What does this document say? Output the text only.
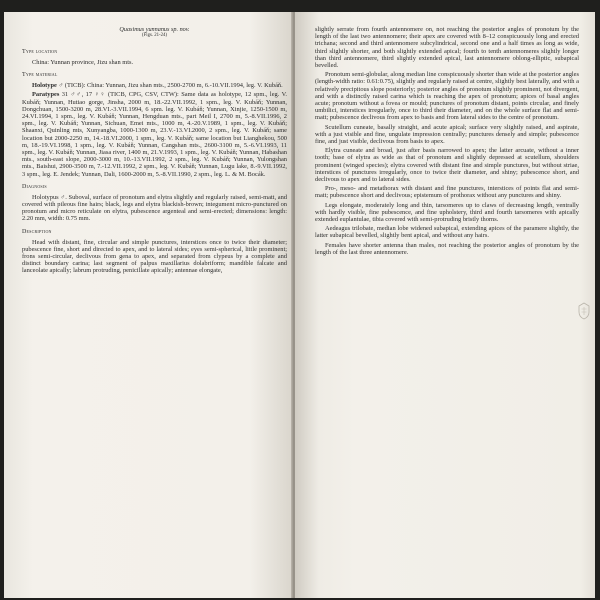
Quasimus yunnanus sp. nov.

(Figs. 21-24)

Type location

China: Yunnan province, Jizu shan mts.

Type material

Holotype ♂ (TICB): China: Yunnan, Jizu shan mts., 2500-2700 m, 6.-10.VII.1994, leg. V. Kubáň.

Paratypes 31 ♂♂, 17 ♀♀ (TICB, CPG, CSV, CTW): Same data as holotype, 12 spm., leg. V. Kubáň; Yunnan, Hutiao gorge, Jinsha, 2000 m, 18.-22.VII.1992, 1 spm., leg. V. Kubáň; Yunnan, Dongchuan, 1500-3200 m, 28.VI.-3.VII.1994, 6 spm. leg. V. Kubáň; Yunnan, Xinjie, 1250-1500 m, 24.VI.1994, 1 spm., leg. V. Kubáň; Yunnan, Hengduan mts., part Meil I, 2700 m, 5.-8.VII.1996, 2 spm., leg. V. Kubáň; Yunnan, Sichuan, Emei mts., 1000 m, 4.-20.V.1989, 1 spm., leg. V. Kubáň; Shaanxi, Quinling mts, Xunyangba, 1000-1300 m, 23.V.-13.VI.2000, 2 spm., leg. V. Kubáň; same location but 2000-2250 m, 14.-18.VI.2000, 1 spm., leg. V. Kubáň; same location but Lianghekou, 500 m, 18.-19.VI.1998, 1 spm., leg. V. Kubáň; Yunnan, Cangshan mts., 2600-3100 m, 5.-6.VI.1993, 11 spm., leg. V. Kubáň; Yunnan, Jiasa river, 1400 m, 21.V.1993, 1 spm., leg. V. Kubáň; Yunnan, Habashan mts., south-east slope, 2000-3000 m, 10.-13.VII.1992, 2 spm., leg. V. Kubáň; Yunnan, Yulongshan mts., Baishui, 2900-3500 m, 7.-12.VII.1992, 2 spm., leg. V. Kubáň; Yunnan, Lugu lake, 8.-9.VII.1992, 3 spm., leg. E. Jendek; Yunnan, Dali, 1600-2000 m, 5.-8.VII.1990, 2 spm., leg. L. & M. Bocák.

Diagnosis

Holotypus ♂. Suboval, surface of pronotum and elytra slightly and regularly raised, semi-matt, and covered with pileous fine hairs; black, legs and elytra blackish-brown; integument micro-punctured on pronotum and micro reticulate on elytra, pubescence argenteal and semi-erected; dimensions: length: 2.20 mm, width: 0.75 mm.

Description

Head with distant, fine, circular and simple punctures, interstices once to twice their diameter; pubescence fine, short and directed to apex, and to lateral sides; eyes semi-spherical, little prominent; frons semi-circular, declivous from gena to apex, and separated from clypeus by a complete and distinct boundary carina; last segment of palpus maxillarius dolabriform; mandible falcate and lanceolate apically; labrum protruding, penicillate apically; antennae elongate,

slightly serrate from fourth antennomere on, not reaching the posterior angles of pronotum by the length of the last two antennomere; their apex are covered with 8–12 conspicuously long and erected trichana; second and third antennomere subcylindrical, second one and a half times as long as wide, third slightly shorter, and both slightly extended apical; fourth to tenth antennomeres slightly longer than third antennomere, third slightly extended apical, last antennomere oblong-elliptic, subapical bevelled.

Pronotum semi-globular, along median line conspicuously shorter than wide at the posterior angles (length-width ratio: 0.61:0.75), slightly and regularly raised at centre, slightly best laterally, and with a relatively precipitous slope posteriorly; posterior angles of pronotum slightly prominent, not divergent, and with a distinctly raised carina which is reaching the apex of pronotum; apices of basal angles acute; pronotum without a fovea or mould; punctures of pronotum distant, points circular, and finely umbilici, interstices irregularly, once to third their diameter, and on the whole surface flat and semi-matt; pubescence declivous from apex to basis and from lateral sides to the centre of pronotum.

Scutellum cuneate, basally straight, and acute apical; surface very slightly raised, and aspirate, with a just visible and fine, ungulate impression centrally; punctures densely and simple; pubescence fine, and just visible, declivous from basis to apex.

Elytra cuneate and broad, just after basis narrowed to apex; the latter arcuate, without a inner tooth; base of elytra as wide as that of pronotum and slightly depressed at scutellum, shoulders prominent (winged species); elytra covered with distant fine and simple punctures, but without striae, interstices of punctures irregularly, once to twice their diameter, and shiny; pubescence short, and declivous to apex and to lateral sides.

Pro-, meso- and metathorax with distant and fine punctures, interstices of points flat and semi-matt; pubescence short and declivous; epistemum of prothorax without any punctures and shiny.

Legs elongate, moderately long and thin, tarsomeres up to claws of decreasing length, ventrally with hardly visible, fine pubescence, and fine upholstery, third and fourth tarsomeres with apically extended euplantulae, tibia covered with semi-protruding bristly thorns.

Aedeagus trilobate, median lobe widened subapical, extending apices of the paramere slightly, the latter subapical bevelled, slightly bent apical, and without any hairs.

Females have shorter antenna than males, not reaching the posterior angles of pronotum by the length of the last three antennomere.
